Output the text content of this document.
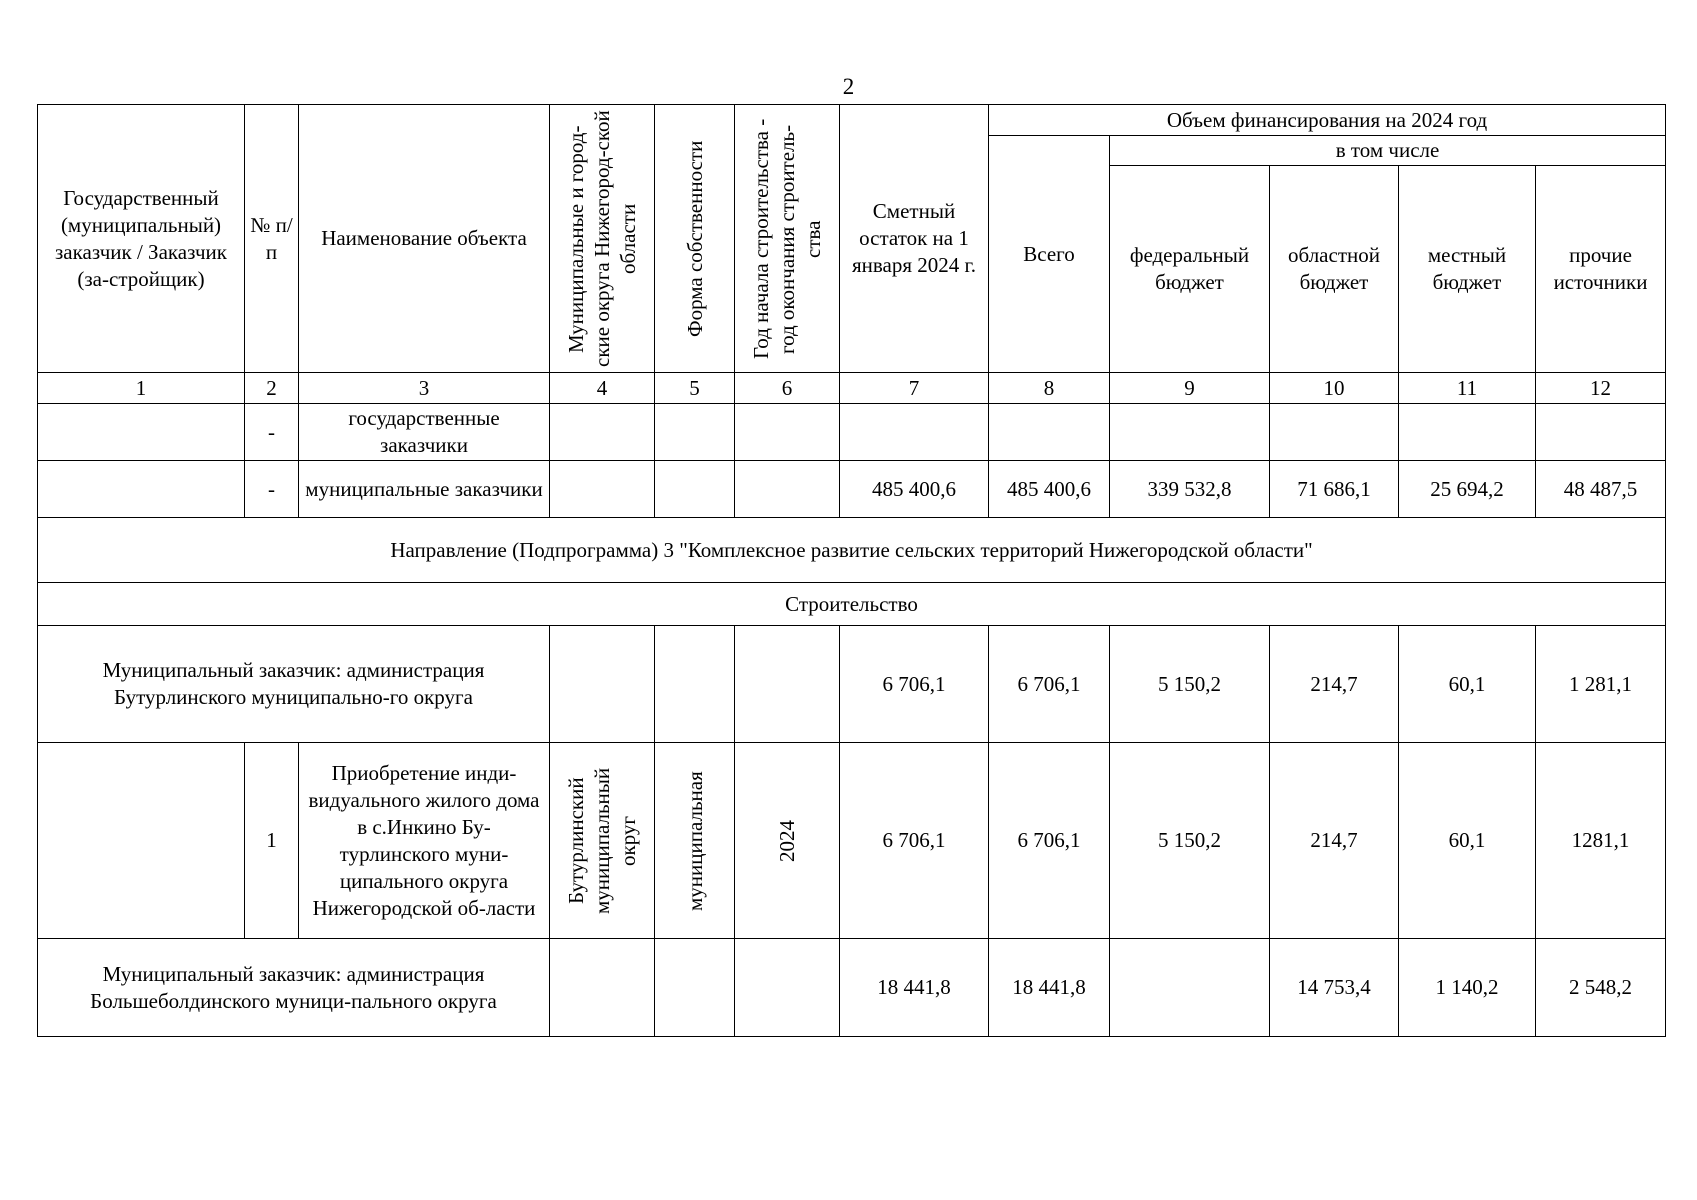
2
Государственный (муниципальный) заказчик / Заказчик (за-стройщик)	№ п/п	Наименование объекта	Муниципальные и город-ские округа Нижегород-ской области	Форма собственности	Год начала строительства - год окончания строитель-ства	Сметный остаток на 1 января 2024 г.	Объем финансирования на 2024 год				
							Всего	в том числе			
								федеральный бюджет	областной бюджет	местный бюджет	прочие источники
1	2	3	4	5	6	7	8	9	10	11	12
	-	государственные заказчики									
	-	муниципальные заказчики				485 400,6	485 400,6	339 532,8	71 686,1	25 694,2	48 487,5
Направление (Подпрограмма) 3 "Комплексное развитие сельских территорий Нижегородской области"											
Строительство											
Муниципальный заказчик: администрация Бутурлинского муниципально-го округа						6 706,1	6 706,1	5 150,2	214,7	60,1	1 281,1
	1	Приобретение инди-видуального жилого дома в с.Инкино Бу-турлинского муни-ципального округа Нижегородской об-ласти	Бутурлинский муниципальный округ	муниципальная	2024	6 706,1	6 706,1	5 150,2	214,7	60,1	1281,1
Муниципальный заказчик: администрация Большеболдинского муници-пального округа						18 441,8	18 441,8		14 753,4	1 140,2	2 548,2
